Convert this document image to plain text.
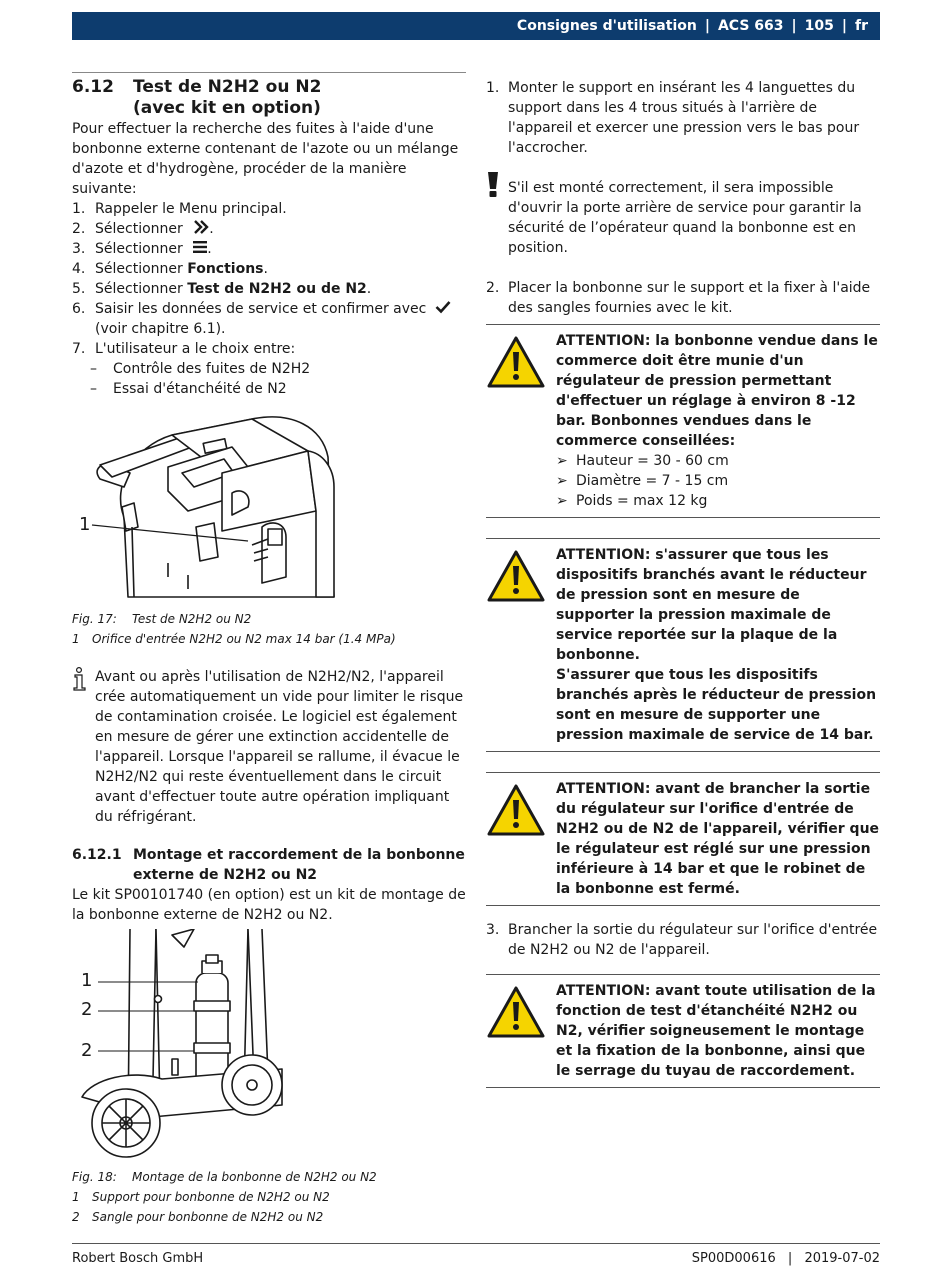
Consignes d'utilisation | ACS 663 | 105 | fr
6.12	Test de N2H2 ou N2
(avec kit en option)

Pour effectuer la recherche des fuites à l'aide d'une bonbonne externe contenant de l'azote ou un mélange d'azote et d'hydrogène, procéder de la manière suivante:

1. Rappeler le Menu principal.
2. Sélectionner .
3. Sélectionner .
4. Sélectionner Fonctions.
5. Sélectionner Test de N2H2 ou de N2.
6. Saisir les données de service et confirmer avec
(voir chapitre 6.1).
7. L'utilisateur a le choix entre:
–	Contrôle des fuites de N2H2
–	Essai d'étanchéité de N2
1
Fig. 17: Test de N2H2 ou N2
1	Orifice d'entrée N2H2 ou N2 max 14 bar (1.4 MPa)

Avant ou après l'utilisation de N2H2/N2, l'appareil crée automatiquement un vide pour limiter le risque de contamination croisée. Le logiciel est également en mesure de gérer une extinction accidentelle de l'appareil. Lorsque l'appareil se rallume, il évacue le N2H2/N2 qui reste éventuellement dans le circuit avant d'effectuer toute autre opération impliquant du réfrigérant.

6.12.1 Montage et raccordement de la bonbonne
externe de N2H2 ou N2

Le kit SP00101740 (en option) est un kit de montage de la bonbonne externe de N2H2 ou N2.

1
2
2
Fig. 18: Montage de la bonbonne de N2H2 ou N2
1	Support pour bonbonne de N2H2 ou N2
2	Sangle pour bonbonne de N2H2 ou N2
1. Monter le support en insérant les 4 languettes du support dans les 4 trous situés à l'arrière de l'appareil et exercer une pression vers le bas pour l'accrocher.

S'il est monté correctement, il sera impossible d'ouvrir la porte arrière de service pour garantir la sécurité de l’opérateur quand la bonbonne est en position.

2. Placer la bonbonne sur le support et la fixer à l'aide des sangles fournies avec le kit.

ATTENTION: la bonbonne vendue dans le commerce doit être munie d'un régulateur de pression permettant d'effectuer un réglage à environ 8 -12 bar. Bonbonnes vendues dans le commerce conseillées:

➢ Hauteur = 30 - 60 cm
➢ Diamètre = 7 - 15 cm
➢ Poids = max 12 kg

ATTENTION: s'assurer que tous les dispositifs branchés avant le réducteur de pression sont en mesure de supporter la pression maximale de service reportée sur la plaque de la bonbonne.

S'assurer que tous les dispositifs branchés après le réducteur de pression sont en mesure de supporter une pression maximale de service de 14 bar.

ATTENTION: avant de brancher la sortie du régulateur sur l'orifice d'entrée de N2H2 ou de N2 de l'appareil, vérifier que le régulateur est réglé sur une pression inférieure à 14 bar et que le robinet de la bonbonne est fermé.

3. Brancher la sortie du régulateur sur l'orifice d'entrée de N2H2 ou N2 de l'appareil.

ATTENTION: avant toute utilisation de la fonction de test d'étanchéité N2H2 ou N2, vérifier soigneusement le montage et la fixation de la bonbonne, ainsi que le serrage du tuyau de raccordement.

Robert Bosch GmbH	SP00D00616 | 2019-07-02
